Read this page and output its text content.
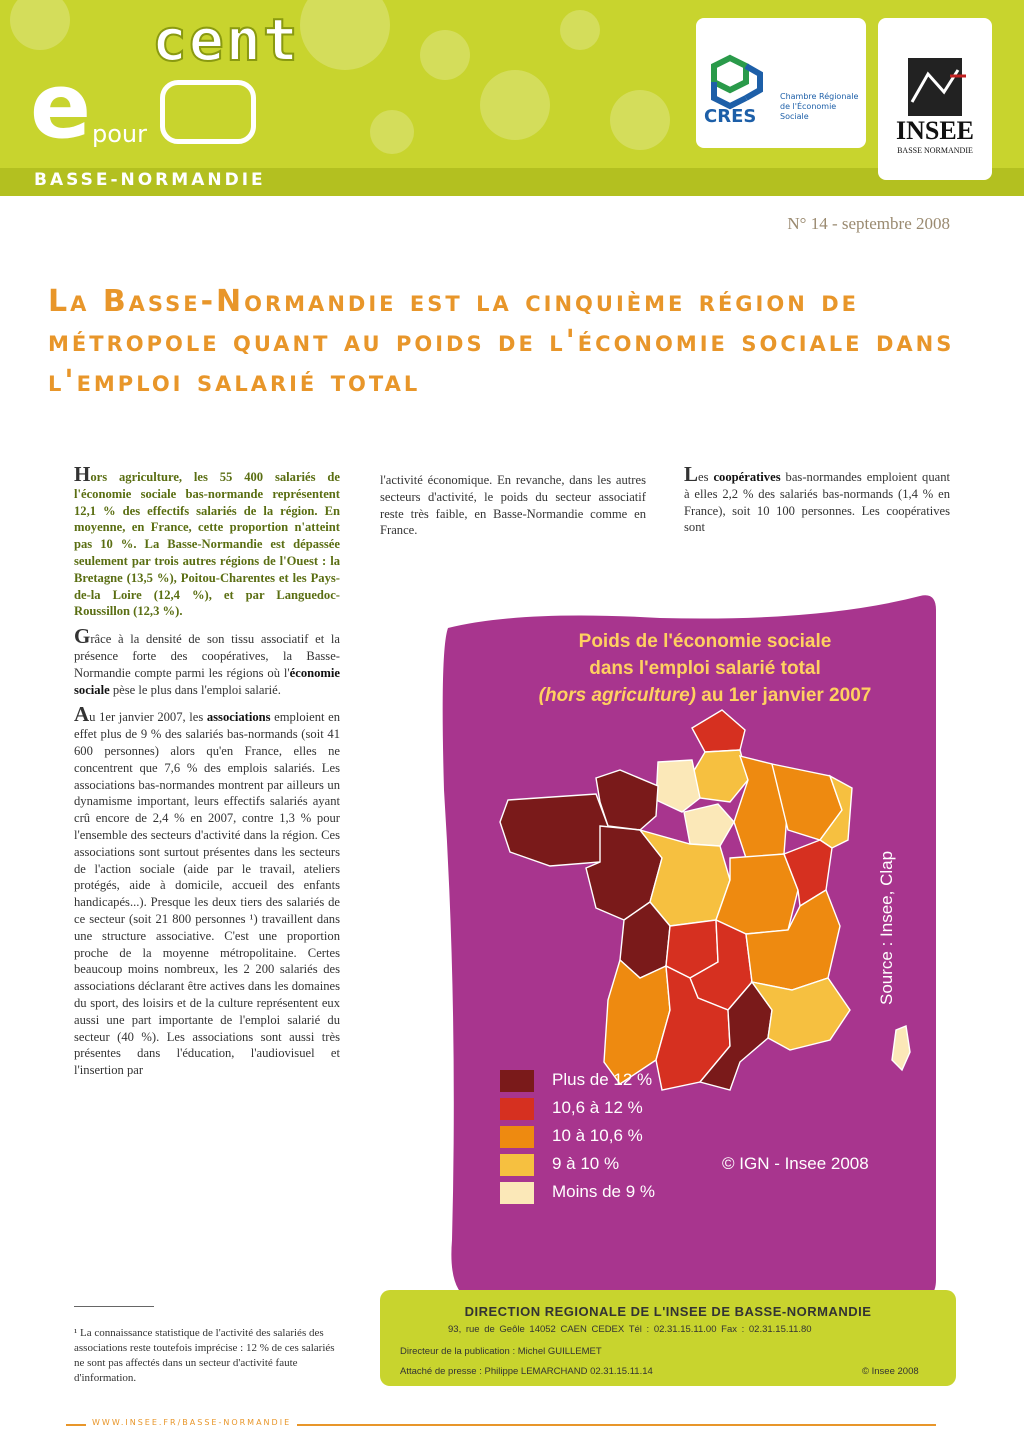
e
cent
pour
BASSE-NORMANDIE
CRES
Chambre Régionale de l'Économie Sociale	INSEE
BASSE NORMANDIE
N° 14 - septembre 2008
La Basse-Normandie est la cinquième région de métropole quant au poids de l'économie sociale dans l'emploi salarié total

Hors agriculture, les 55 400 salariés de l'économie sociale bas-normande représentent 12,1 % des effectifs salariés de la région. En moyenne, en France, cette proportion n'atteint pas 10 %. La Basse-Normandie est dépassée seulement par trois autres régions de l'Ouest : la Bretagne (13,5 %), Poitou-Charentes et les Pays-de-la Loire (12,4 %), et par Languedoc-Roussillon (12,3 %).

Grâce à la densité de son tissu associatif et la présence forte des coopératives, la Basse-Normandie compte parmi les régions où l'économie sociale pèse le plus dans l'emploi salarié.

Au 1er janvier 2007, les associations emploient en effet plus de 9 % des salariés bas-normands (soit 41 600 personnes) alors qu'en France, elles ne concentrent que 7,6 % des emplois salariés. Les associations bas-normandes montrent par ailleurs un dynamisme important, leurs effectifs salariés ayant crû encore de 2,4 % en 2007, contre 1,3 % pour l'ensemble des secteurs d'activité dans la région. Ces associations sont surtout présentes dans les secteurs de l'action sociale (aide par le travail, ateliers protégés, aide à domicile, accueil des enfants handicapés...). Presque les deux tiers des salariés de ce secteur (soit 21 800 personnes ¹) travaillent dans une structure associative. C'est une proportion proche de la moyenne métropolitaine. Certes beaucoup moins nombreux, les 2 200 salariés des associations déclarant être actives dans les domaines du sport, des loisirs et de la culture représentent eux aussi une part importante de l'emploi salarié du secteur (40 %). Les associations sont aussi très présentes dans l'éducation, l'audiovisuel et l'insertion par

¹ La connaissance statistique de l'activité des salariés des associations reste toutefois imprécise : 12 % de ces salariés ne sont pas affectés dans un secteur d'activité faute d'information.

l'activité économique. En revanche, dans les autres secteurs d'activité, le poids du secteur associatif reste très faible, en Basse-Normandie comme en France.

Les coopératives bas-normandes emploient quant à elles 2,2 % des salariés bas-normands (1,4 % en France), soit 10 100 personnes. Les coopératives sont

Poids de l'économie sociale
dans l'emploi salarié total
(hors agriculture) au 1er janvier 2007
Source : Insee, Clap
Plus de 12 %
10,6 à 12 %
10 à 10,6 %
9 à 10 %
Moins de 9 %
© IGN - Insee 2008
DIRECTION REGIONALE DE L'INSEE DE BASSE-NORMANDIE
93, rue de Geôle 14052 CAEN CEDEX Tél : 02.31.15.11.00 Fax : 02.31.15.11.80
Directeur de la publication : Michel GUILLEMET
Attaché de presse : Philippe LEMARCHAND 02.31.15.11.14	© Insee 2008
WWW.INSEE.FR/BASSE-NORMANDIE
